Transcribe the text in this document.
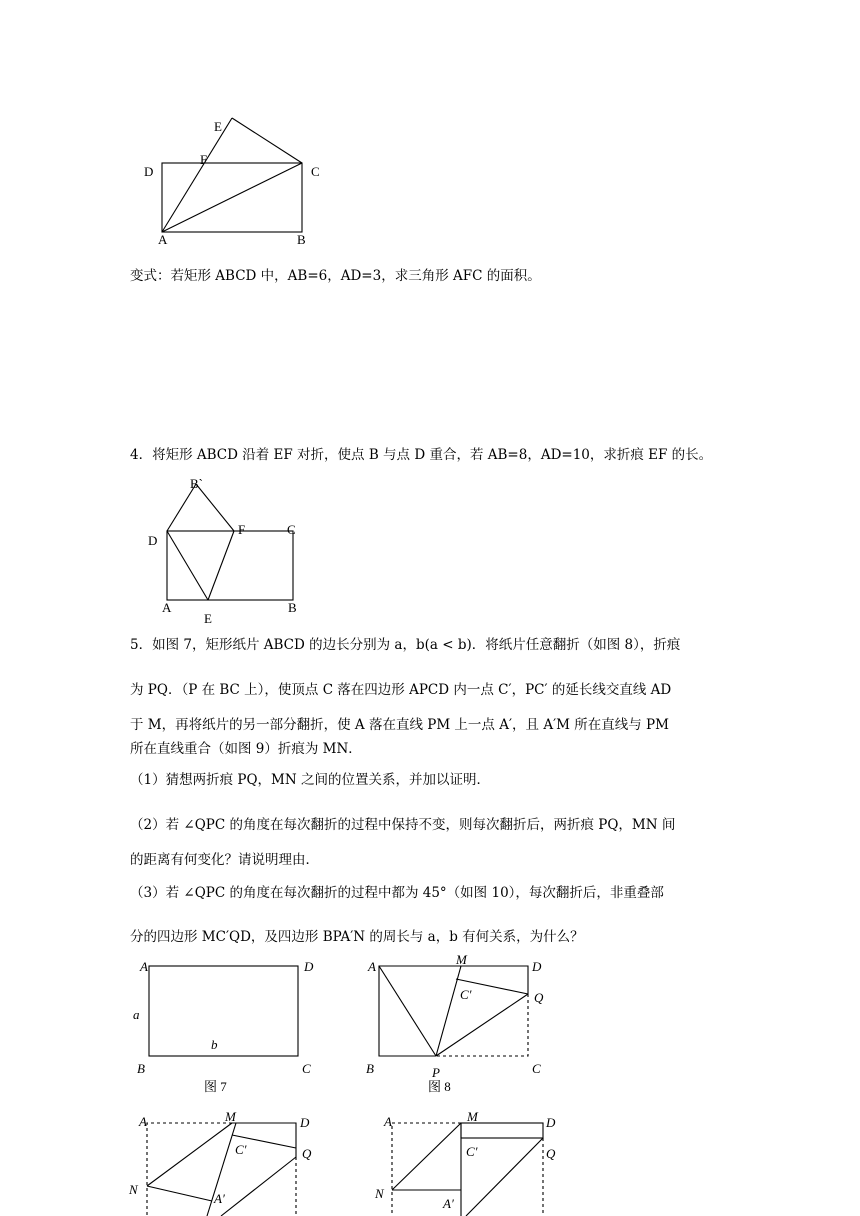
E
F
D	C
A	B
变式：若矩形 ABCD 中，AB=6，AD=3，求三角形 AFC 的面积。
4．将矩形 ABCD 沿着 EF 对折，使点 B 与点 D 重合，若 AB=8，AD=10，求折痕 EF 的长。
B`
D
F	C
A
E
B
5．如图 7，矩形纸片 ABCD 的边长分别为 a，b(a < b)．将纸片任意翻折（如图 8），折痕
为 PQ．（P 在 BC 上），使顶点 C 落在四边形 APCD 内一点 C′，PC′ 的延长线交直线 AD
于 M，再将纸片的另一部分翻折，使 A 落在直线 PM 上一点 A′，且 A′M 所在直线与 PM
所在直线重合（如图 9）折痕为 MN．
（1）猜想两折痕 PQ，MN 之间的位置关系，并加以证明．
（2）若 ∠QPC 的角度在每次翻折的过程中保持不变，则每次翻折后，两折痕 PQ，MN 间
的距离有何变化？请说明理由．
（3）若 ∠QPC 的角度在每次翻折的过程中都为 45°（如图 10），每次翻折后，非重叠部
分的四边形 MC′QD，及四边形 BPA′N 的周长与 a，b 有何关系，为什么？
A	D
a
b
B	C
图 7
A	M	D
C′	Q
B	P	C
图 8
A	M	D
C′	Q
N
A′
A	M	D
C′	Q
N
A′
